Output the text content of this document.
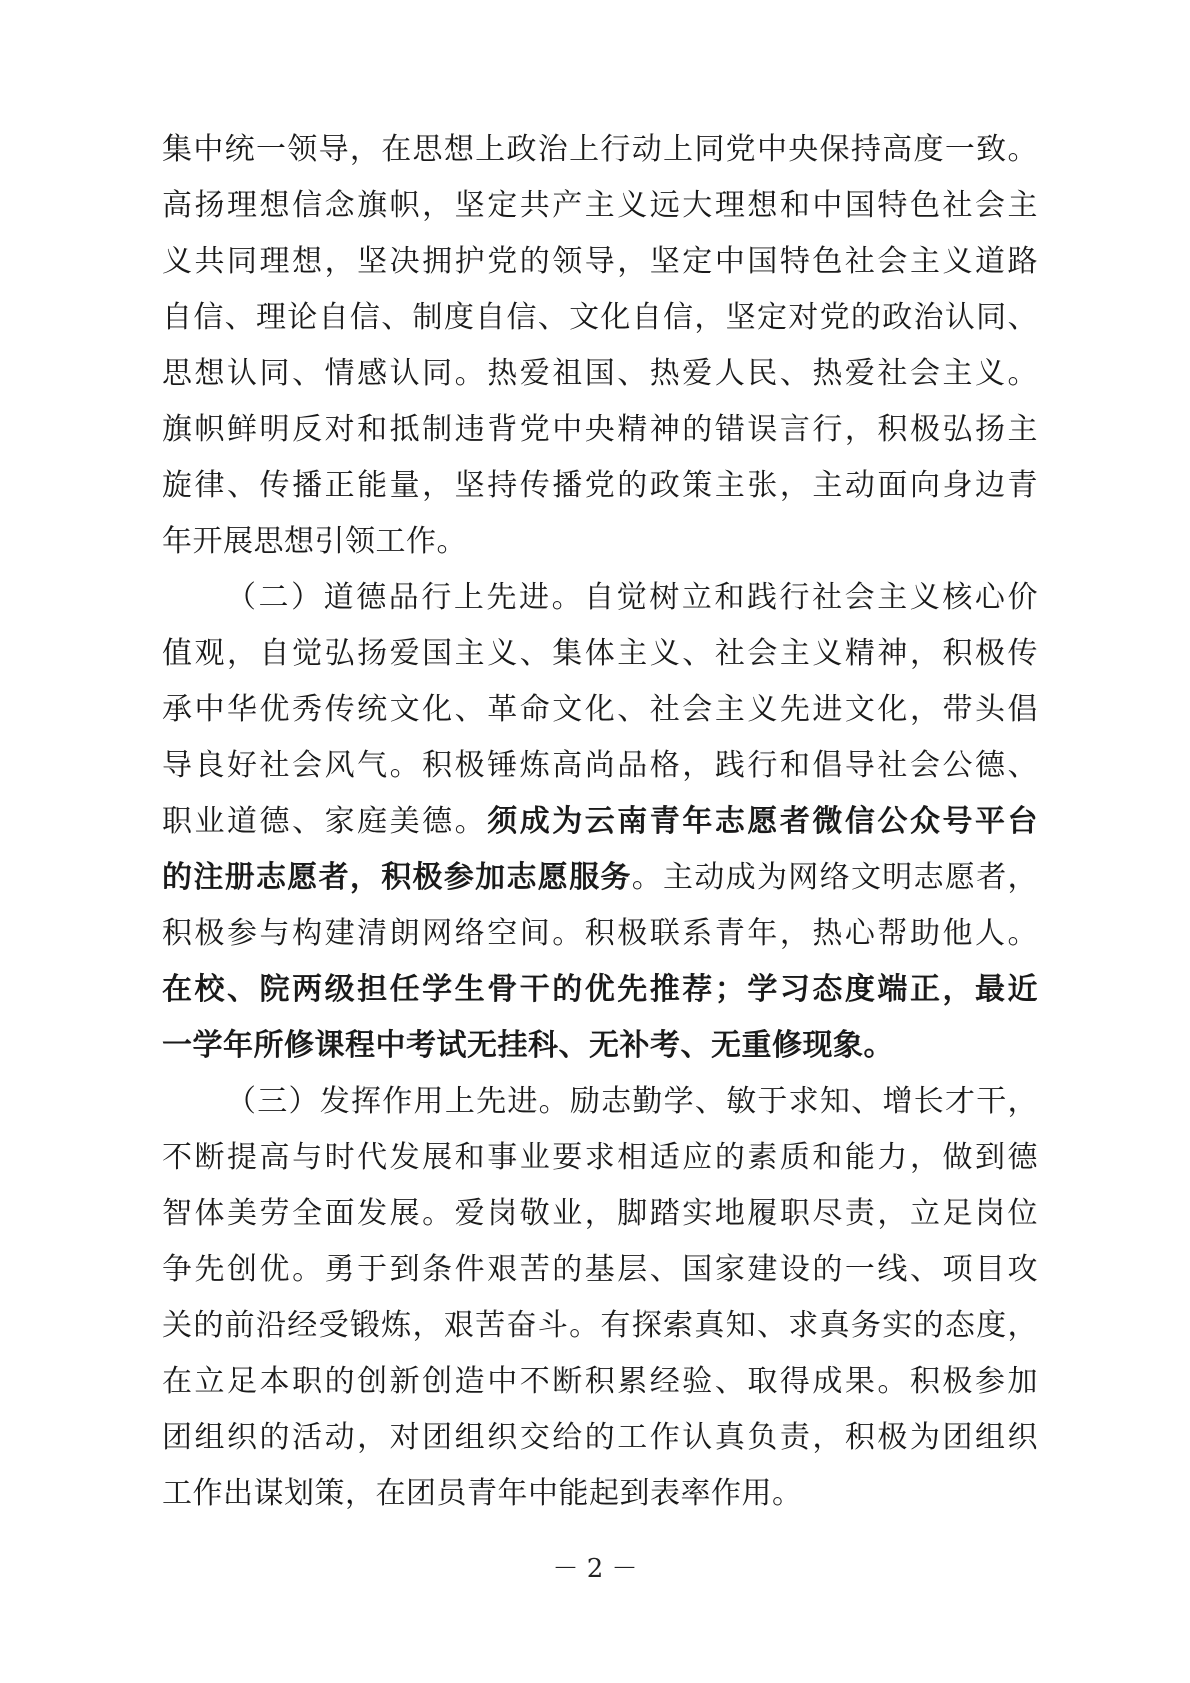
集中统一领导，在思想上政治上行动上同党中央保持高度一致。
高扬理想信念旗帜，坚定共产主义远大理想和中国特色社会主
义共同理想，坚决拥护党的领导，坚定中国特色社会主义道路
自信、理论自信、制度自信、文化自信，坚定对党的政治认同、
思想认同、情感认同。热爱祖国、热爱人民、热爱社会主义。
旗帜鲜明反对和抵制违背党中央精神的错误言行，积极弘扬主
旋律、传播正能量，坚持传播党的政策主张，主动面向身边青
年开展思想引领工作。
（二）道德品行上先进。自觉树立和践行社会主义核心价
值观，自觉弘扬爱国主义、集体主义、社会主义精神，积极传
承中华优秀传统文化、革命文化、社会主义先进文化，带头倡
导良好社会风气。积极锤炼高尚品格，践行和倡导社会公德、
职业道德、家庭美德。须成为云南青年志愿者微信公众号平台
的注册志愿者，积极参加志愿服务。主动成为网络文明志愿者，
积极参与构建清朗网络空间。积极联系青年，热心帮助他人。
在校、院两级担任学生骨干的优先推荐；学习态度端正，最近
一学年所修课程中考试无挂科、无补考、无重修现象。
（三）发挥作用上先进。励志勤学、敏于求知、增长才干，
不断提高与时代发展和事业要求相适应的素质和能力，做到德
智体美劳全面发展。爱岗敬业，脚踏实地履职尽责，立足岗位
争先创优。勇于到条件艰苦的基层、国家建设的一线、项目攻
关的前沿经受锻炼，艰苦奋斗。有探索真知、求真务实的态度，
在立足本职的创新创造中不断积累经验、取得成果。积极参加
团组织的活动，对团组织交给的工作认真负责，积极为团组织
工作出谋划策，在团员青年中能起到表率作用。
－ 2 －
